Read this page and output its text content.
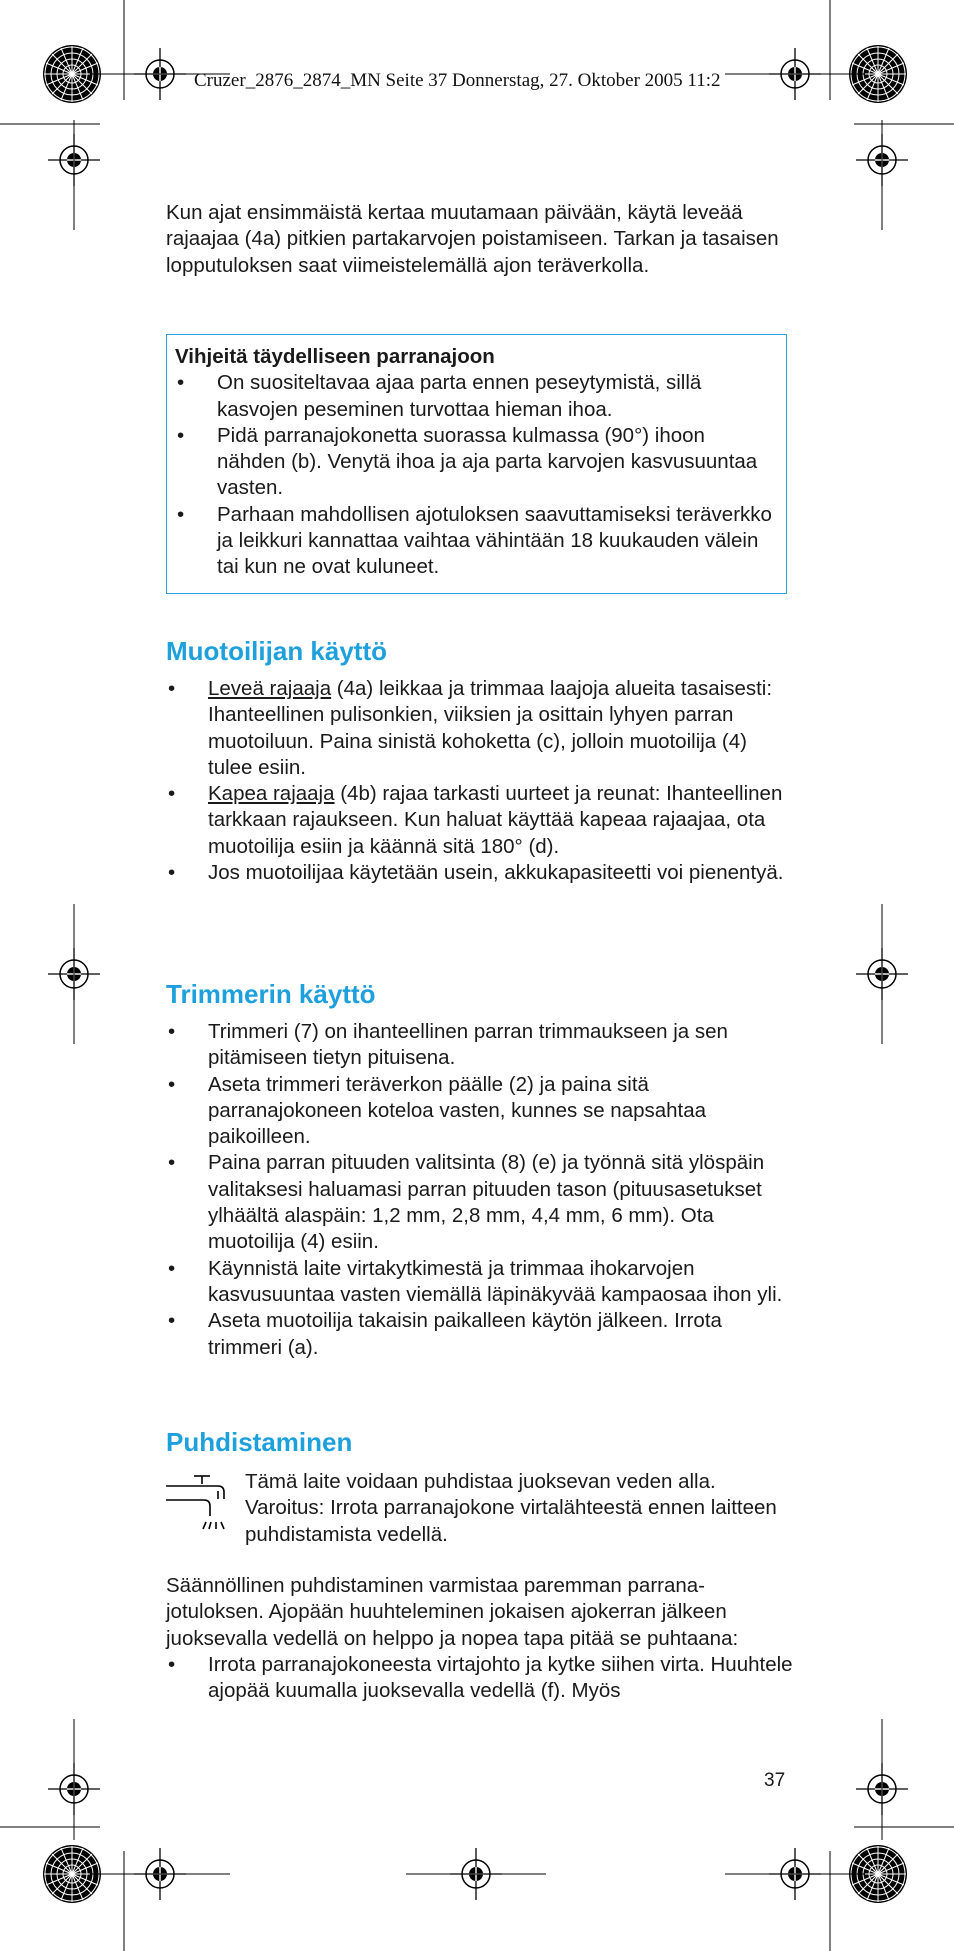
Cruzer_2876_2874_MN Seite 37 Donnerstag, 27. Oktober 2005 11:2

Kun ajat ensimmäistä kertaa muutamaan päivään, käytä leveää rajaajaa (4a) pitkien partakarvojen poistamiseen. Tarkan ja tasaisen lopputuloksen saat viimeistelemällä ajon teräverkolla.

Vihjeitä täydelliseen parranajoon
• On suositeltavaa ajaa parta ennen peseytymistä, sillä kasvojen peseminen turvottaa hieman ihoa.
• Pidä parranajokonetta suorassa kulmassa (90°) ihoon nähden (b). Venytä ihoa ja aja parta karvojen kasvusuuntaa vasten.
• Parhaan mahdollisen ajotuloksen saavuttamiseksi teräverkko ja leikkuri kannattaa vaihtaa vähintään 18 kuukauden välein tai kun ne ovat kuluneet.
Muotoilijan käyttö
• Leveä rajaaja (4a) leikkaa ja trimmaa laajoja alueita tasaisesti: Ihanteellinen pulisonkien, viiksien ja osittain lyhyen parran muotoiluun. Paina sinistä kohoketta (c), jolloin muotoilija (4) tulee esiin.
• Kapea rajaaja (4b) rajaa tarkasti uurteet ja reunat: Ihanteellinen tarkkaan rajaukseen. Kun haluat käyttää kapeaa rajaajaa, ota muotoilija esiin ja käännä sitä 180° (d).
• Jos muotoilijaa käytetään usein, akkukapasiteetti voi pienentyä.
Trimmerin käyttö
• Trimmeri (7) on ihanteellinen parran trimmaukseen ja sen pitämiseen tietyn pituisena.
• Aseta trimmeri teräverkon päälle (2) ja paina sitä parranajokoneen koteloa vasten, kunnes se napsahtaa paikoilleen.
• Paina parran pituuden valitsinta (8) (e) ja työnnä sitä ylöspäin valitaksesi haluamasi parran pituuden tason (pituusasetukset ylhäältä alaspäin: 1,2 mm, 2,8 mm, 4,4 mm, 6 mm). Ota muotoilija (4) esiin.
• Käynnistä laite virtakytkimestä ja trimmaa ihokarvojen kasvusuuntaa vasten viemällä läpinäkyvää kampaosaa ihon yli.
• Aseta muotoilija takaisin paikalleen käytön jälkeen. Irrota trimmeri (a).
Puhdistaminen
Tämä laite voidaan puhdistaa juoksevan veden alla. Varoitus: Irrota parranajokone virtalähteestä ennen laitteen puhdistamista vedellä.

Säännöllinen puhdistaminen varmistaa paremman parrana-jotuloksen. Ajopään huuhteleminen jokaisen ajokerran jälkeen juoksevalla vedellä on helppo ja nopea tapa pitää se puhtaana:

• Irrota parranajokoneesta virtajohto ja kytke siihen virta. Huuhtele ajopää kuumalla juoksevalla vedellä (f). Myös
37
